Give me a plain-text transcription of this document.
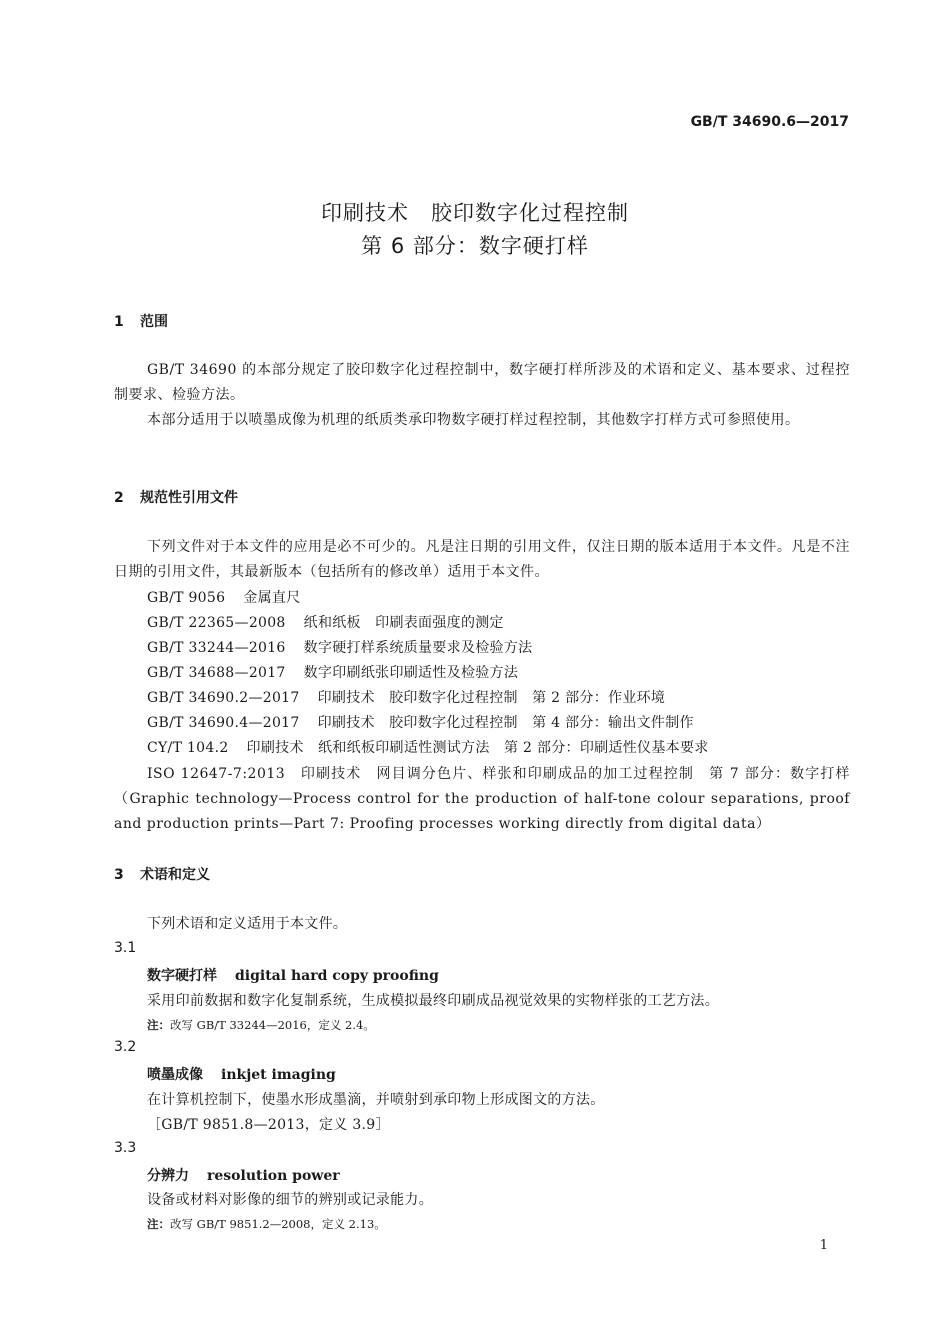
GB/T 34690.6—2017
印刷技术　胶印数字化过程控制
第 6 部分：数字硬打样
1 范围

GB/T 34690 的本部分规定了胶印数字化过程控制中，数字硬打样所涉及的术语和定义、基本要求、过程控制要求、检验方法。

本部分适用于以喷墨成像为机理的纸质类承印物数字硬打样过程控制，其他数字打样方式可参照使用。

2 规范性引用文件

下列文件对于本文件的应用是必不可少的。凡是注日期的引用文件，仅注日期的版本适用于本文件。凡是不注日期的引用文件，其最新版本（包括所有的修改单）适用于本文件。

GB/T 9056 金属直尺
GB/T 22365—2008 纸和纸板　印刷表面强度的测定
GB/T 33244—2016 数字硬打样系统质量要求及检验方法
GB/T 34688—2017 数字印刷纸张印刷适性及检验方法
GB/T 34690.2—2017 印刷技术　胶印数字化过程控制　第 2 部分：作业环境
GB/T 34690.4—2017 印刷技术　胶印数字化过程控制　第 4 部分：输出文件制作
CY/T 104.2 印刷技术　纸和纸板印刷适性测试方法　第 2 部分：印刷适性仪基本要求

ISO 12647-7:2013　印刷技术　网目调分色片、样张和印刷成品的加工过程控制　第 7 部分：数字打样（Graphic technology—Process control for the production of half-tone colour separations, proof and production prints—Part 7: Proofing processes working directly from digital data）

3 术语和定义
下列术语和定义适用于本文件。
3.1
数字硬打样 digital hard copy proofing
采用印前数据和数字化复制系统，生成模拟最终印刷成品视觉效果的实物样张的工艺方法。
注：改写 GB/T 33244—2016，定义 2.4。
3.2
喷墨成像 inkjet imaging
在计算机控制下，使墨水形成墨滴，并喷射到承印物上形成图文的方法。
［GB/T 9851.8—2013，定义 3.9］
3.3
分辨力 resolution power
设备或材料对影像的细节的辨别或记录能力。
注：改写 GB/T 9851.2—2008，定义 2.13。
1
